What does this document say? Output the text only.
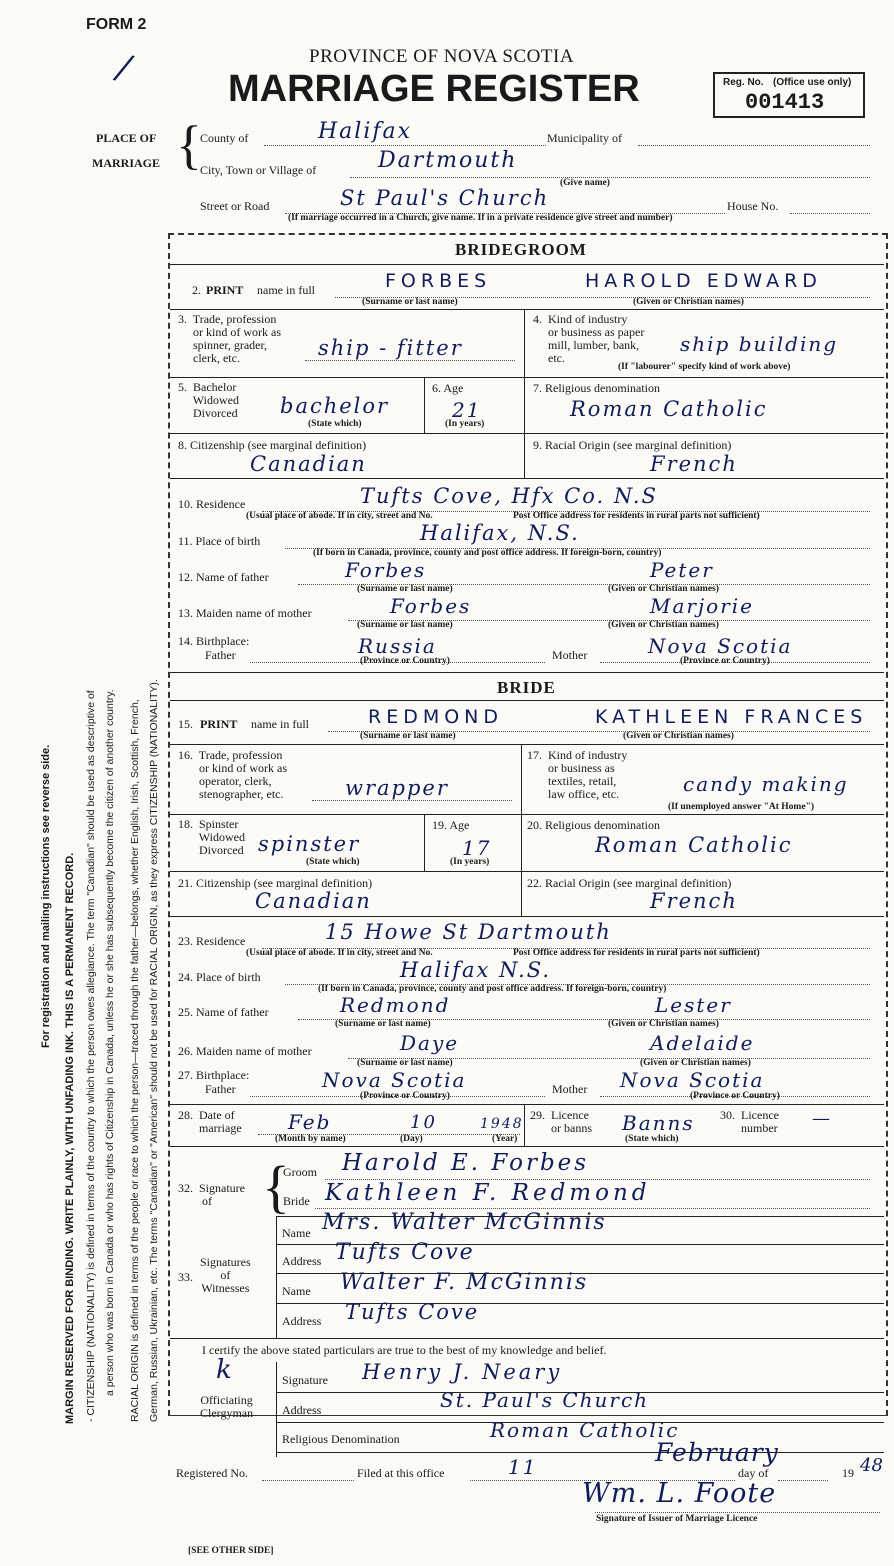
FORM 2
PROVINCE OF NOVA SCOTIA
MARRIAGE REGISTER	Reg. No. (Office use only)
001413
PLACE OF
MARRIAGE {
County of	Halifax	Municipality of
City, Town or Village of	Dartmouth
(Give name)
Street or Road	St Paul's Church	House No.
(If marriage occurred in a Church, give name. If in a private residence give street and number)
BRIDEGROOM
2. PRINT name in full	FORBES	HAROLD EDWARD
(Surname or last name)	(Given or Christian names)
3.  Trade, profession
or kind of work as
spinner, grader,
clerk, etc.	ship - fitter
4.  Kind of industry
or business as paper
mill, lumber, bank,
etc.
ship building
(If "labourer" specify kind of work above)
5.  Bachelor
Widowed
Divorced bachelor
(State which)
6. Age
21
(In years)
7. Religious denomination
Roman Catholic
8. Citizenship (see marginal definition)
Canadian
9. Racial Origin (see marginal definition)
French
10. Residence	Tufts Cove, Hfx Co. N.S
(Usual place of abode. If in city, street and No.	Post Office address for residents in rural parts not sufficient)
11. Place of birth	Halifax, N.S.
(If born in Canada, province, county and post office address. If foreign-born, country)
12. Name of father	Forbes	Peter
(Surname or last name)	(Given or Christian names)
13. Maiden name of mother	Forbes	Marjorie
(Surname or last name)	(Given or Christian names)
14. Birthplace:
Father	Russia	Mother	Nova Scotia
(Province or Country)	(Province or Country)
BRIDE
15. PRINT name in full	REDMOND	KATHLEEN FRANCES
(Surname or last name)	(Given or Christian names)
16.  Trade, profession
or kind of work as
operator, clerk,
stenographer, etc.	wrapper
17.  Kind of industry
or business as
textiles, retail,
law office, etc.	candy making
(If unemployed answer "At Home")
18.  Spinster
Widowed
Divorced spinster
(State which)
19. Age
17
(In years)
20. Religious denomination
Roman Catholic
21. Citizenship (see marginal definition)
Canadian
22. Racial Origin (see marginal definition)
French
23. Residence	15 Howe St Dartmouth
(Usual place of abode. If in city, street and No.	Post Office address for residents in rural parts not sufficient)
24. Place of birth	Halifax N.S.
(If born in Canada, province, county and post office address. If foreign-born, country)
25. Name of father	Redmond	Lester
(Surname or last name)	(Given or Christian names)
26. Maiden name of mother	Daye	Adelaide
(Surname or last name)	(Given or Christian names)
27. Birthplace:
Father	Nova Scotia	Mother Nova Scotia
(Province or Country)	(Province or Country)
28.  Date of
marriage Feb	10	1948
(Month by name)	(Day)	(Year)
29.  Licence
or banns Banns
(State which)
30.  Licence
number —
32.  Signature
of {
Groom Harold E. Forbes
Bride Kathleen F. Redmond
33.
Signatures
of
Witnesses
Name Mrs. Walter McGinnis
Address Tufts Cove
Name Walter F. McGinnis
Address Tufts Cove
I certify the above stated particulars are true to the best of my knowledge and belief.
Officiating
Clergyman
k	Signature Henry J. Neary
Address	St. Paul's Church
Religious Denomination	Roman Catholic
Registered No.	Filed at this office	11	day of
February
19 48
Wm. L. Foote
Signature of Issuer of Marriage Licence
[SEE OTHER SIDE]
For registration and mailing instructions see reverse side. MARGIN RESERVED FOR BINDING. WRITE PLAINLY, WITH UNFADING INK. THIS IS A PERMANENT RECORD. - CITIZENSHIP (NATIONALITY) is defined in terms of the country to which the person owes allegiance. The term "Canadian" should be used as descriptive of a person who was born in Canada or who has rights of Citizenship in Canada, unless he or she has subsequently become the citizen of another country. RACIAL ORIGIN is defined in terms of the people or race to which the person—traced through the father—belongs, whether English, Irish, Scottish, French, German, Russian, Ukrainian, etc. The terms "Canadian" or "American" should not be used for RACIAL ORIGIN, as they express CITIZENSHIP (NATIONALITY).
/
